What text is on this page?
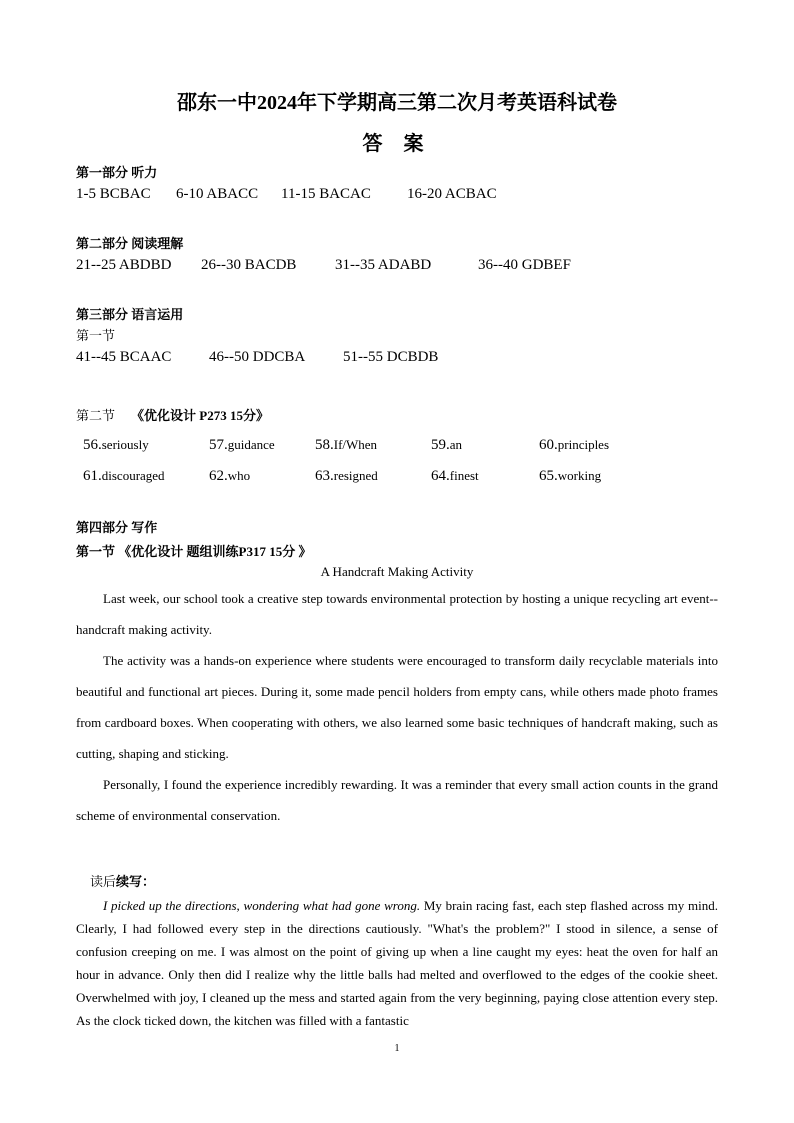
邵东一中2024年下学期高三第二次月考英语科试卷
答 案
第一部分 听力
1-5 BCBAC 6-10 ABACC 11-15 BACAC 16-20 ACBAC
第二部分 阅读理解
21--25 ABDBD 26--30 BACDB	31--35 ADABD	36--40 GDBEF
第三部分 语言运用
第一节
41--45 BCAAC	46--50 DDCBA	51--55 DCBDB
第二节 《优化设计 P273 15分》
56.seriously	57.guidance	58.If/When	59.an	60.principles
61.discouraged	62.who	63.resigned	64.finest	65.working
第四部分 写作
第一节 《优化设计 题组训练P317 15分 》
A Handcraft Making Activity

Last week, our school took a creative step towards environmental protection by hosting a unique recycling art event--handcraft making activity.

The activity was a hands-on experience where students were encouraged to transform daily recyclable materials into beautiful and functional art pieces. During it, some made pencil holders from empty cans, while others made photo frames from cardboard boxes. When cooperating with others, we also learned some basic techniques of handcraft making, such as cutting, shaping and sticking.

Personally, I found the experience incredibly rewarding. It was a reminder that every small action counts in the grand scheme of environmental conservation.

读后续写：

I picked up the directions, wondering what had gone wrong. My brain racing fast, each step flashed across my mind. Clearly, I had followed every step in the directions cautiously. "What's the problem?" I stood in silence, a sense of confusion creeping on me. I was almost on the point of giving up when a line caught my eyes: heat the oven for half an hour in advance. Only then did I realize why the little balls had melted and overflowed to the edges of the cookie sheet. Overwhelmed with joy, I cleaned up the mess and started again from the very beginning, paying close attention every step. As the clock ticked down, the kitchen was filled with a fantastic

1
